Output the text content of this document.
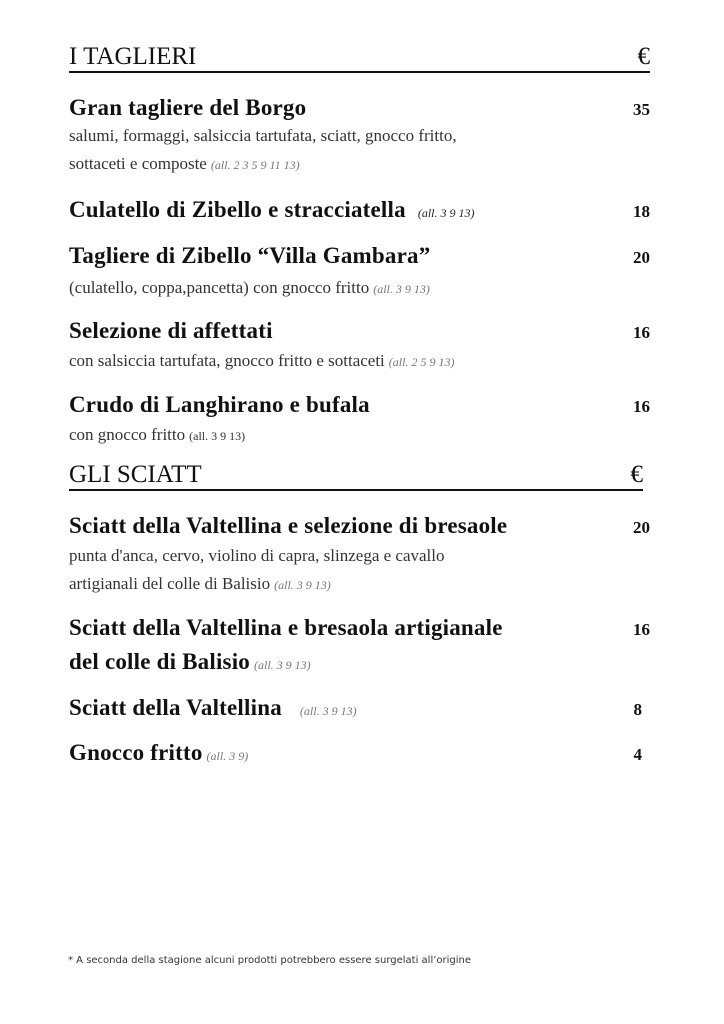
I TAGLIERI	€
Gran tagliere del Borgo	35
salumi, formaggi, salsiccia tartufata, sciatt, gnocco fritto,
sottaceti e composte (all. 2 3 5 9 11 13)
Culatello di Zibello e stracciatella (all. 3 9 13)	18
Tagliere di Zibello “Villa Gambara”	20
(culatello, coppa,pancetta) con gnocco fritto (all. 3 9 13)
Selezione di affettati	16
con salsiccia tartufata, gnocco fritto e sottaceti (all. 2 5 9 13)
Crudo di Langhirano e bufala	16
con gnocco fritto (all. 3 9 13)
GLI SCIATT	€
Sciatt della Valtellina e selezione di bresaole	20
punta d'anca, cervo, violino di capra, slinzega e cavallo
artigianali del colle di Balisio (all. 3 9 13)
Sciatt della Valtellina e bresaola artigianale	16
del colle di Balisio (all. 3 9 13)
Sciatt della Valtellina (all. 3 9 13)	8
Gnocco fritto (all. 3 9)	4
* A seconda della stagione alcuni prodotti potrebbero essere surgelati all’origine
